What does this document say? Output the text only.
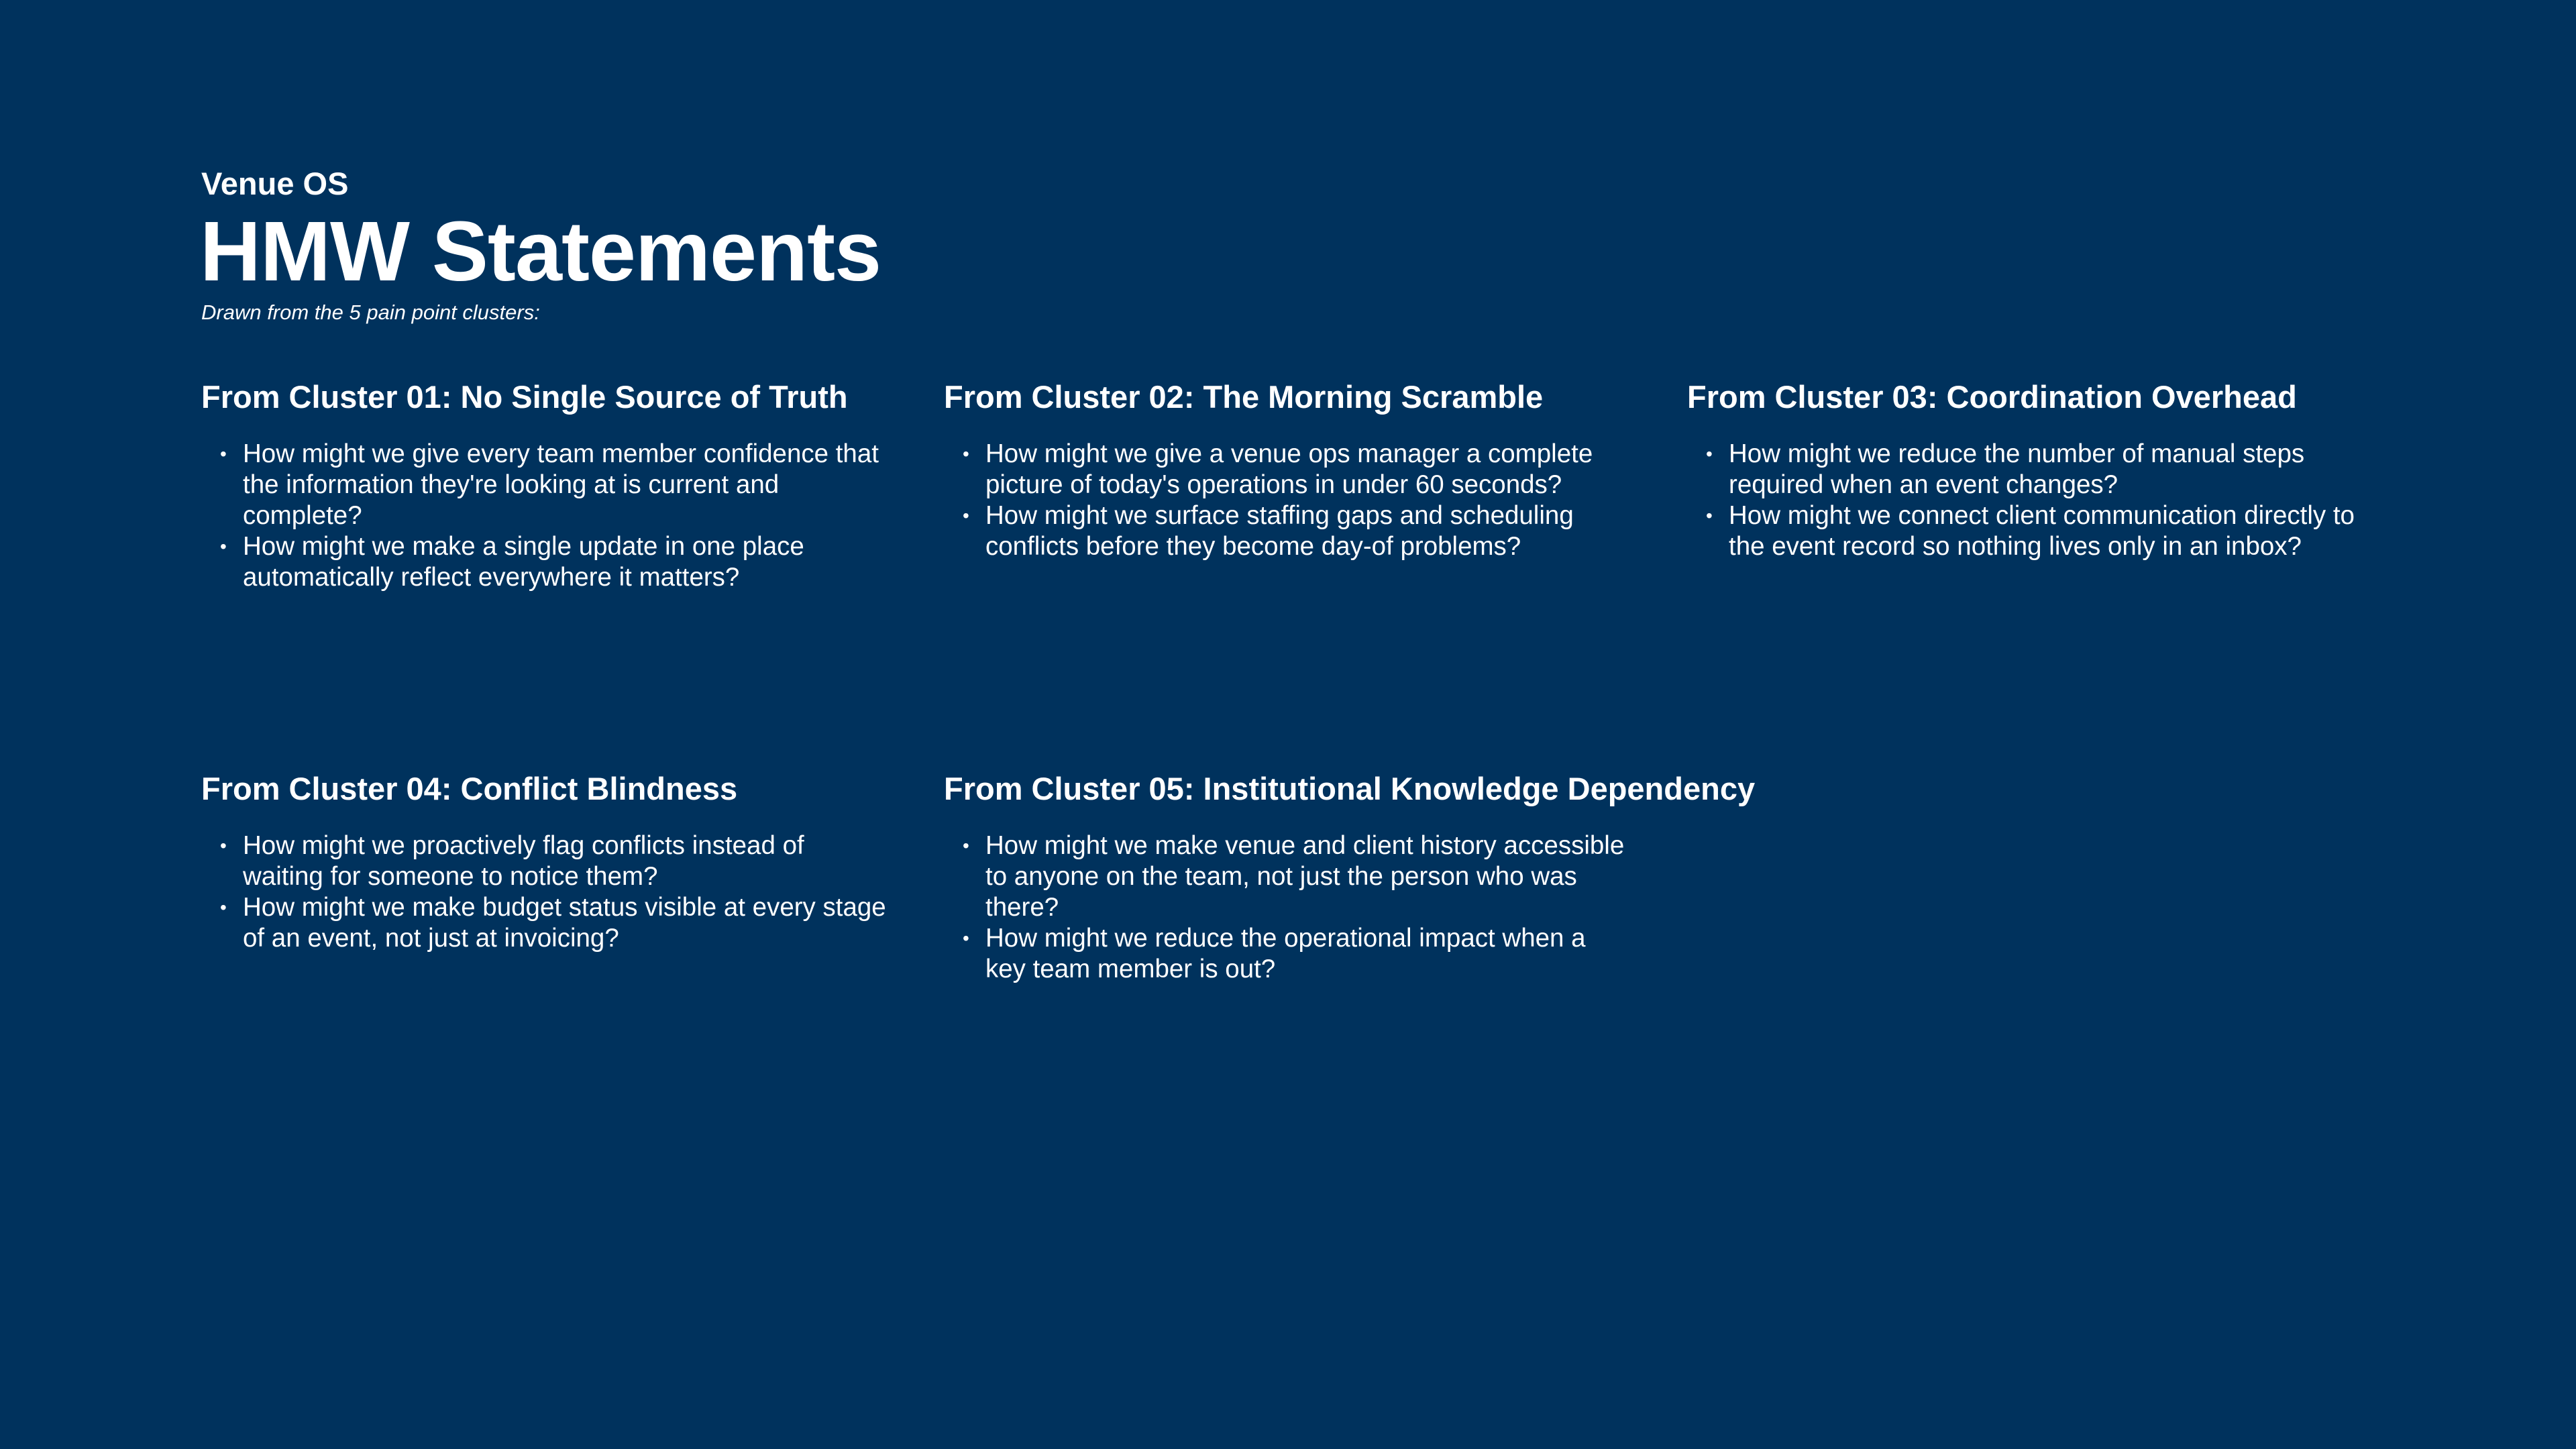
Venue OS
HMW Statements
Drawn from the 5 pain point clusters:
From Cluster 01: No Single Source of Truth
• How might we give every team member confidence that the information they're looking at is current and complete?
• How might we make a single update in one place automatically reflect everywhere it matters?
From Cluster 02: The Morning Scramble
• How might we give a venue ops manager a complete picture of today's operations in under 60 seconds?
• How might we surface staffing gaps and scheduling conflicts before they become day-of problems?
From Cluster 03: Coordination Overhead
• How might we reduce the number of manual steps required when an event changes?
• How might we connect client communication directly to the event record so nothing lives only in an inbox?
From Cluster 04: Conflict Blindness
• How might we proactively flag conflicts instead of waiting for someone to notice them?
• How might we make budget status visible at every stage of an event, not just at invoicing?
From Cluster 05: Institutional Knowledge Dependency
• How might we make venue and client history accessible to anyone on the team, not just the person who was there?
• How might we reduce the operational impact when a key team member is out?
